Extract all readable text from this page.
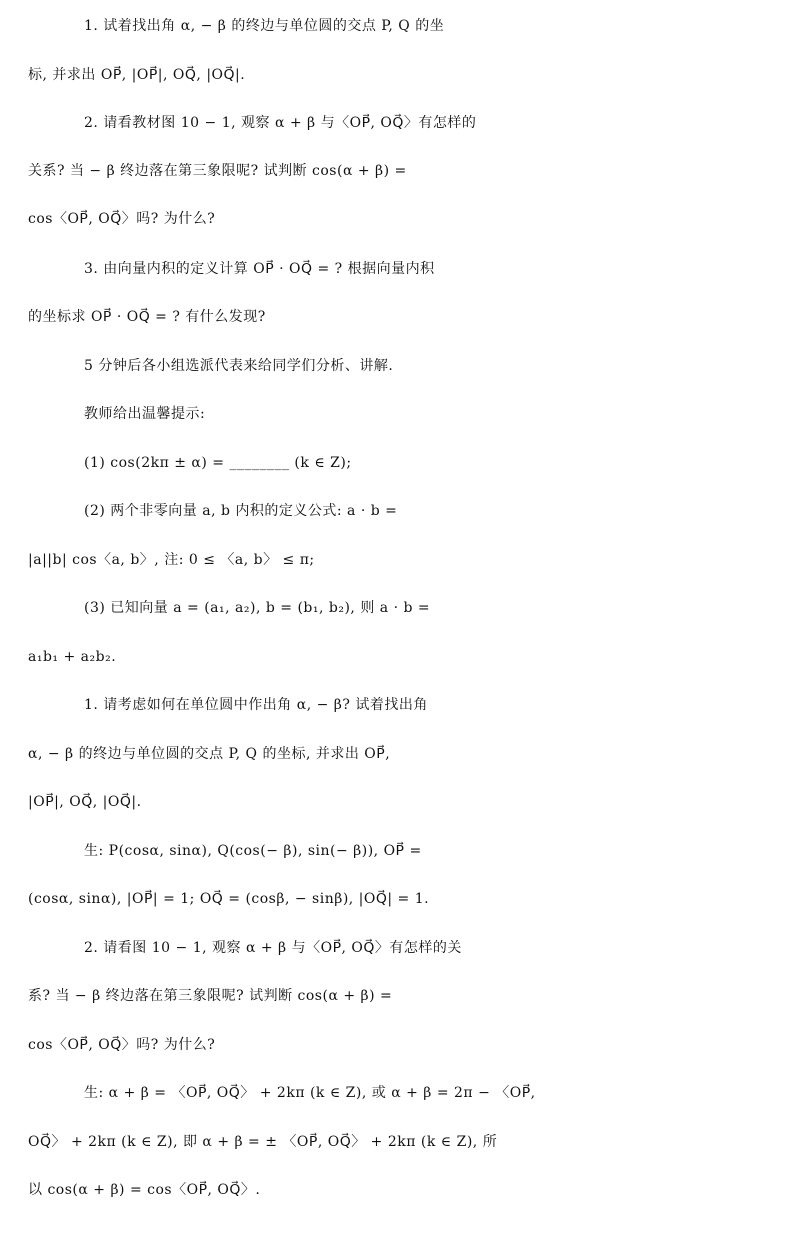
1. 试着找出角 α, − β 的终边与单位圆的交点 P, Q 的坐
标, 并求出 OP⃗, |OP⃗|, OQ⃗, |OQ⃗|.
2. 请看教材图 10 − 1, 观察 α + β 与〈OP⃗, OQ⃗〉有怎样的
关系? 当 − β 终边落在第三象限呢? 试判断 cos(α + β) =
cos〈OP⃗, OQ⃗〉吗? 为什么?
3. 由向量内积的定义计算 OP⃗ · OQ⃗ = ? 根据向量内积
的坐标求 OP⃗ · OQ⃗ = ? 有什么发现?
5 分钟后各小组选派代表来给同学们分析、讲解.
教师给出温馨提示:
(1) cos(2kπ ± α) = ________ (k ∈ Z);
(2) 两个非零向量 a, b 内积的定义公式: a · b =
|a||b| cos〈a, b〉, 注: 0 ≤ 〈a, b〉 ≤ π;
(3) 已知向量 a = (a₁, a₂), b = (b₁, b₂), 则 a · b =
a₁b₁ + a₂b₂.
1. 请考虑如何在单位圆中作出角 α, − β? 试着找出角
α, − β 的终边与单位圆的交点 P, Q 的坐标, 并求出 OP⃗,
|OP⃗|, OQ⃗, |OQ⃗|.
生: P(cosα, sinα), Q(cos(− β), sin(− β)), OP⃗ =
(cosα, sinα), |OP⃗| = 1; OQ⃗ = (cosβ, − sinβ), |OQ⃗| = 1.
2. 请看图 10 − 1, 观察 α + β 与〈OP⃗, OQ⃗〉有怎样的关
系? 当 − β 终边落在第三象限呢? 试判断 cos(α + β) =
cos〈OP⃗, OQ⃗〉吗? 为什么?
生: α + β = 〈OP⃗, OQ⃗〉 + 2kπ (k ∈ Z), 或 α + β = 2π − 〈OP⃗,
OQ⃗〉 + 2kπ (k ∈ Z), 即 α + β = ± 〈OP⃗, OQ⃗〉 + 2kπ (k ∈ Z), 所
以 cos(α + β) = cos〈OP⃗, OQ⃗〉.
